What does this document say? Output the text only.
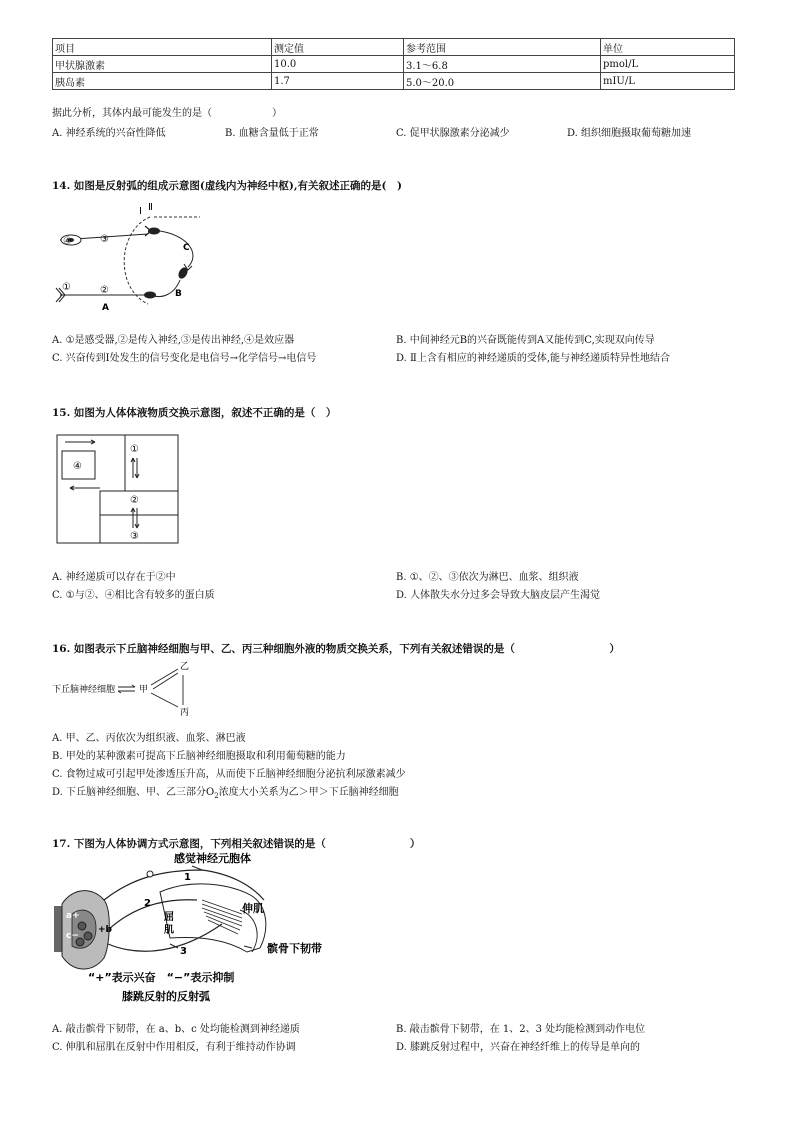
项目	测定值	参考范围	单位
甲状腺激素	10.0	3.1～6.8	pmol/L
胰岛素	1.7	5.0～20.0	mIU/L
据此分析，其体内最可能发生的是（　　　　　　）
A. 神经系统的兴奋性降低	B. 血糖含量低于正常	C. 促甲状腺激素分泌减少	D. 组织细胞摄取葡萄糖加速
14. 如图是反射弧的组成示意图(虚线内为神经中枢),有关叙述正确的是(　)
Ⅰ Ⅱ
④	③
①	②
A
B
C
A. ①是感受器,②是传入神经,③是传出神经,④是效应器	B. 中间神经元B的兴奋既能传到A又能传到C,实现双向传导
C. 兴奋传到Ⅰ处发生的信号变化是电信号→化学信号→电信号	D. Ⅱ上含有相应的神经递质的受体,能与神经递质特异性地结合
15. 如图为人体体液物质交换示意图，叙述不正确的是（　）
④
①
②
③
A. 神经递质可以存在于②中	B. ①、②、③依次为淋巴、血浆、组织液
C. ①与②、④相比含有较多的蛋白质	D. 人体散失水分过多会导致大脑皮层产生渴觉
16. 如图表示下丘脑神经细胞与甲、乙、丙三种细胞外液的物质交换关系，下列有关叙述错误的是（　　　　　　　　　）
下丘脑神经细胞	甲
乙
丙
A. 甲、乙、丙依次为组织液、血浆、淋巴液
B. 甲处的某种激素可提高下丘脑神经细胞摄取和利用葡萄糖的能力
C. 食物过咸可引起甲处渗透压升高，从而使下丘脑神经细胞分泌抗利尿激素减少
D. 下丘脑神经细胞、甲、乙三部分$O_2$浓度大小关系为乙＞甲＞下丘脑神经细胞
17. 下图为人体协调方式示意图，下列相关叙述错误的是（　　　　　　　　）
感觉神经元胞体
1
2
3
屈
肌
伸肌
髌骨下韧带
a+
c−
+b
“+”表示兴奋　“−”表示抑制
膝跳反射的反射弧
A. 敲击髌骨下韧带，在 a、b、c 处均能检测到神经递质	B. 敲击髌骨下韧带，在 1、2、3 处均能检测到动作电位
C. 伸肌和屈肌在反射中作用相反，有利于维持动作协调	D. 膝跳反射过程中，兴奋在神经纤维上的传导是单向的
